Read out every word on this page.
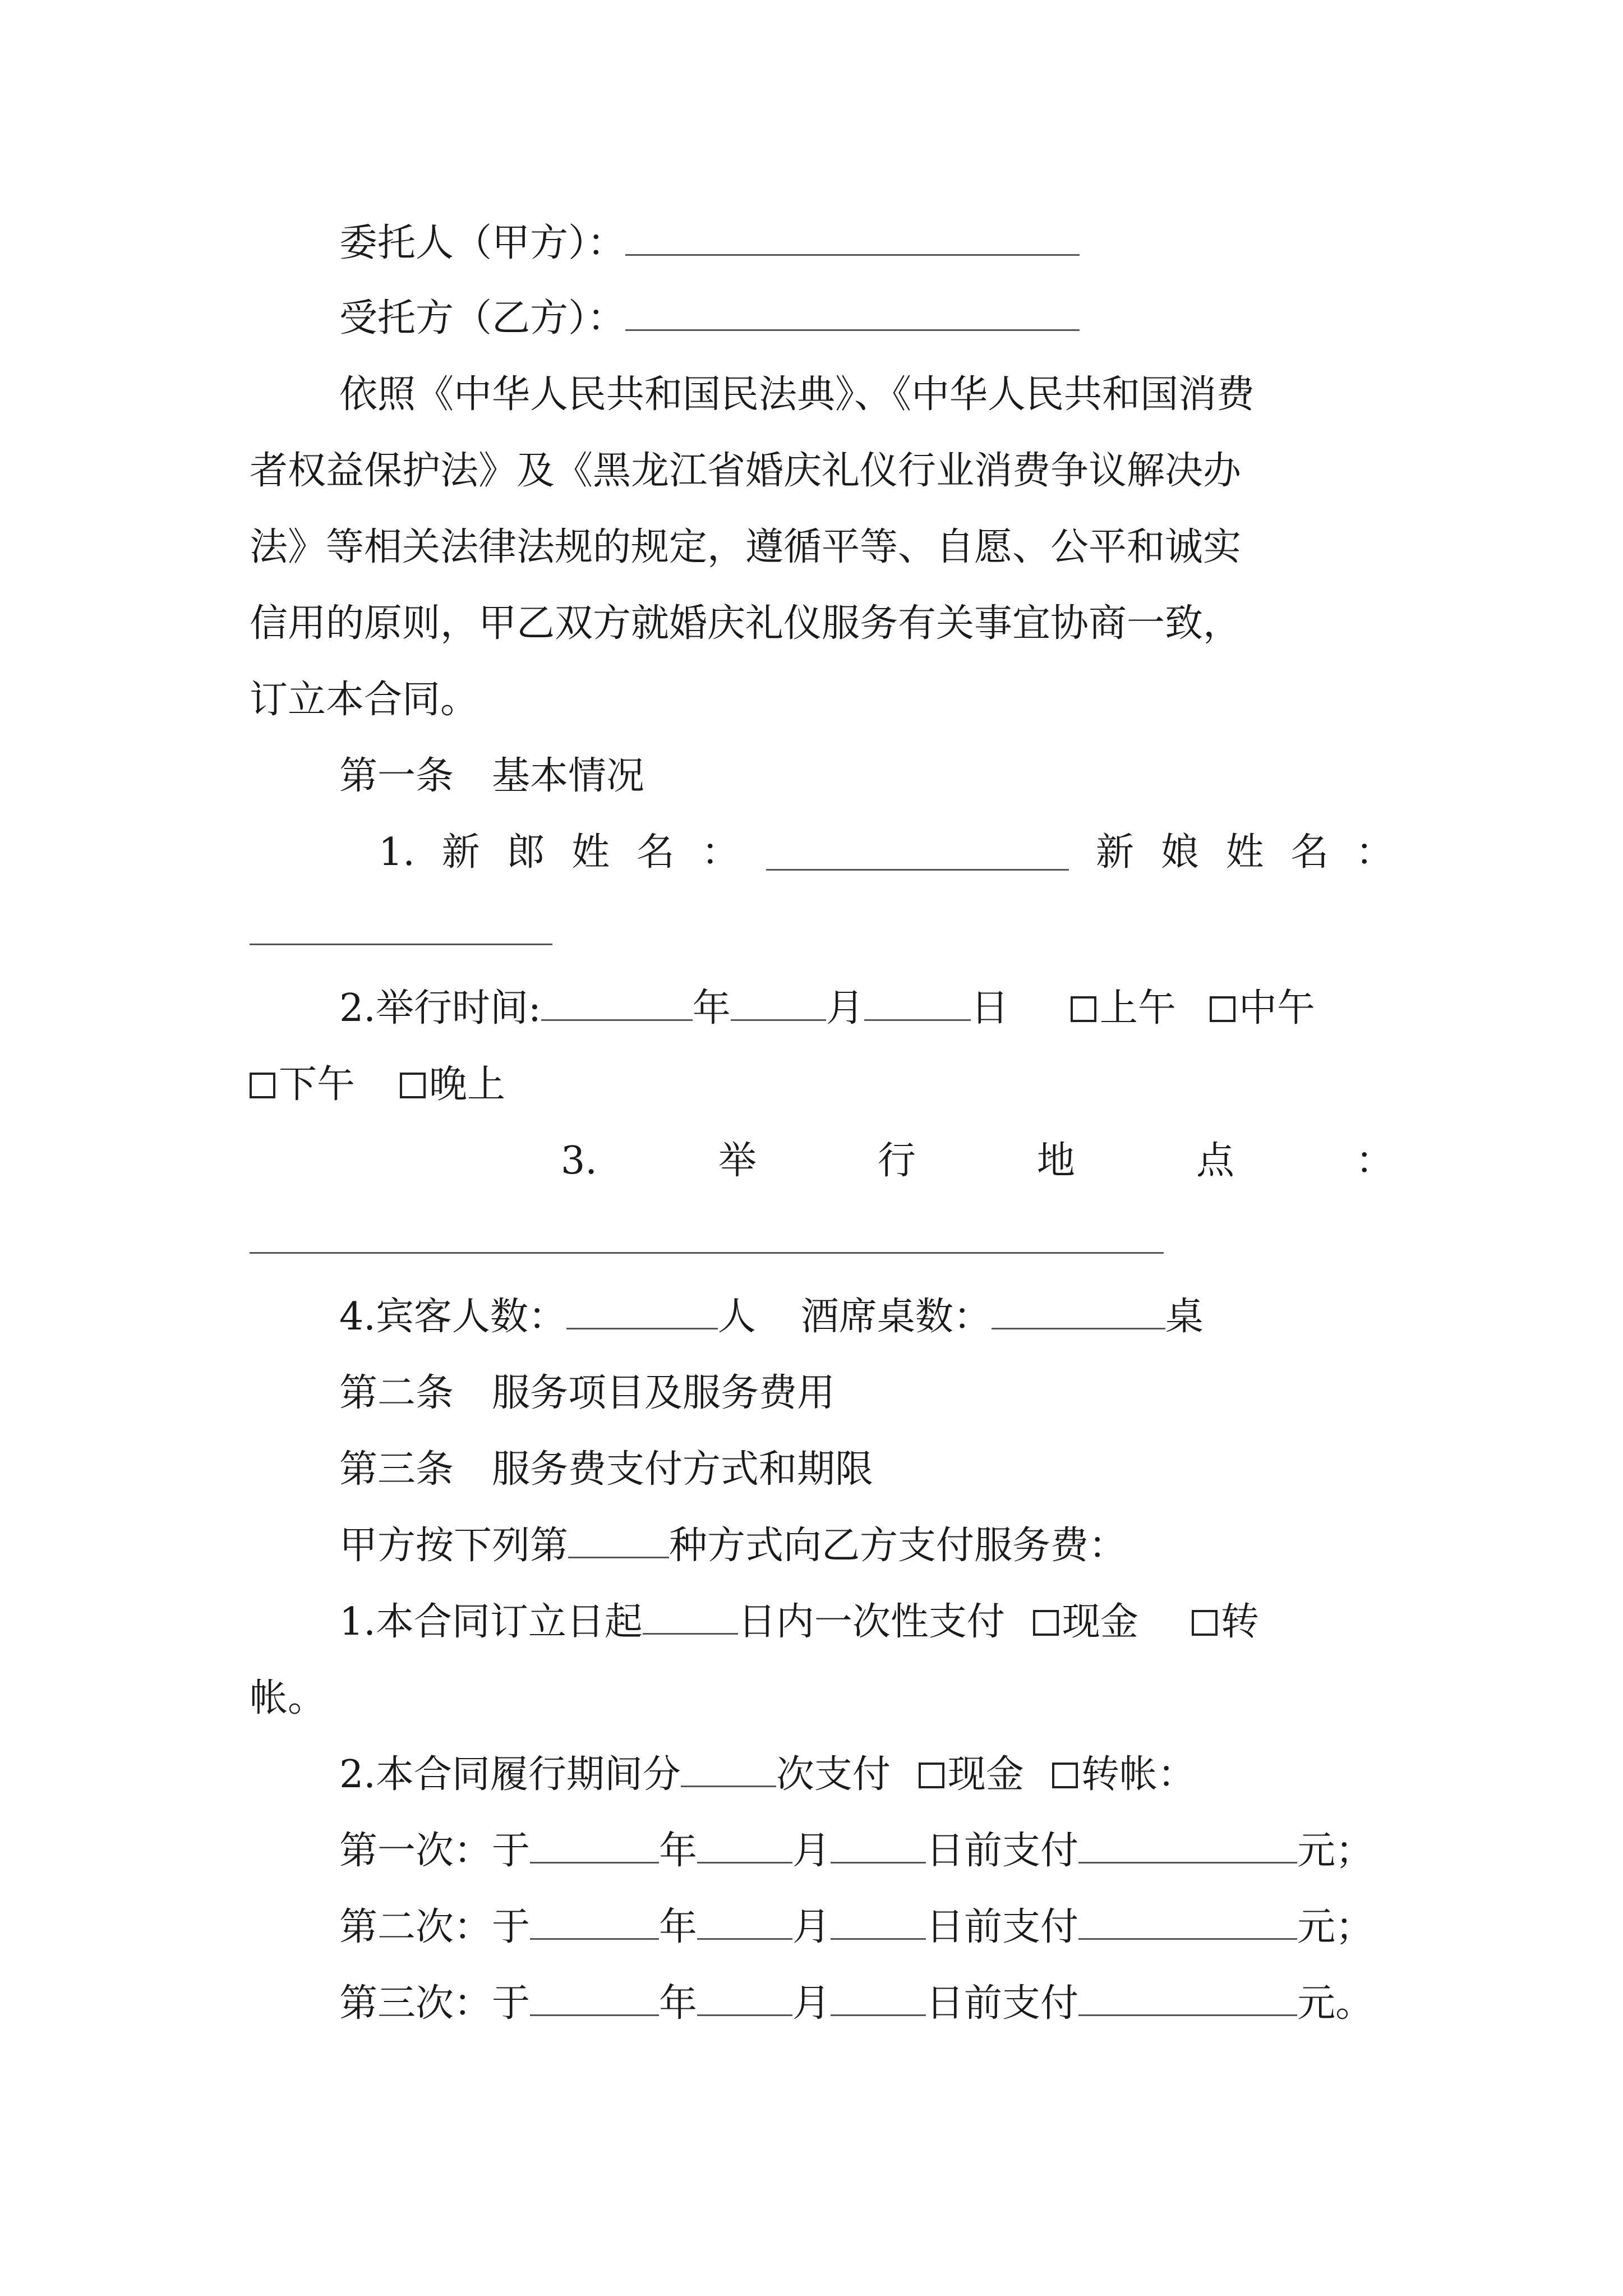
委托人（甲方）：
受托方（乙方）：
依照《中华人民共和国民法典》、《中华人民共和国消费
者权益保护法》及《黑龙江省婚庆礼仪行业消费争议解决办
法》等相关法律法规的规定，遵循平等、自愿、公平和诚实
信用的原则，甲乙双方就婚庆礼仪服务有关事宜协商一致，
订立本合同。
第一条　基本情况
1. 新 郎 姓 名 ：	新 娘 姓 名 ：
2.举行时间:	年	月	日 上午 中午
下午 晚上
3.	举	行	地	点	：
4.宾客人数：	人 酒席桌数：	桌
第二条　服务项目及服务费用
第三条　服务费支付方式和期限
甲方按下列第	种方式向乙方支付服务费：
1.本合同订立日起	日内一次性支付 现金 转
帐。
2.本合同履行期间分	次支付 现金 转帐：
第一次：于	年	月	日前支付	元；
第二次：于	年	月	日前支付	元；
第三次：于	年	月	日前支付	元。
